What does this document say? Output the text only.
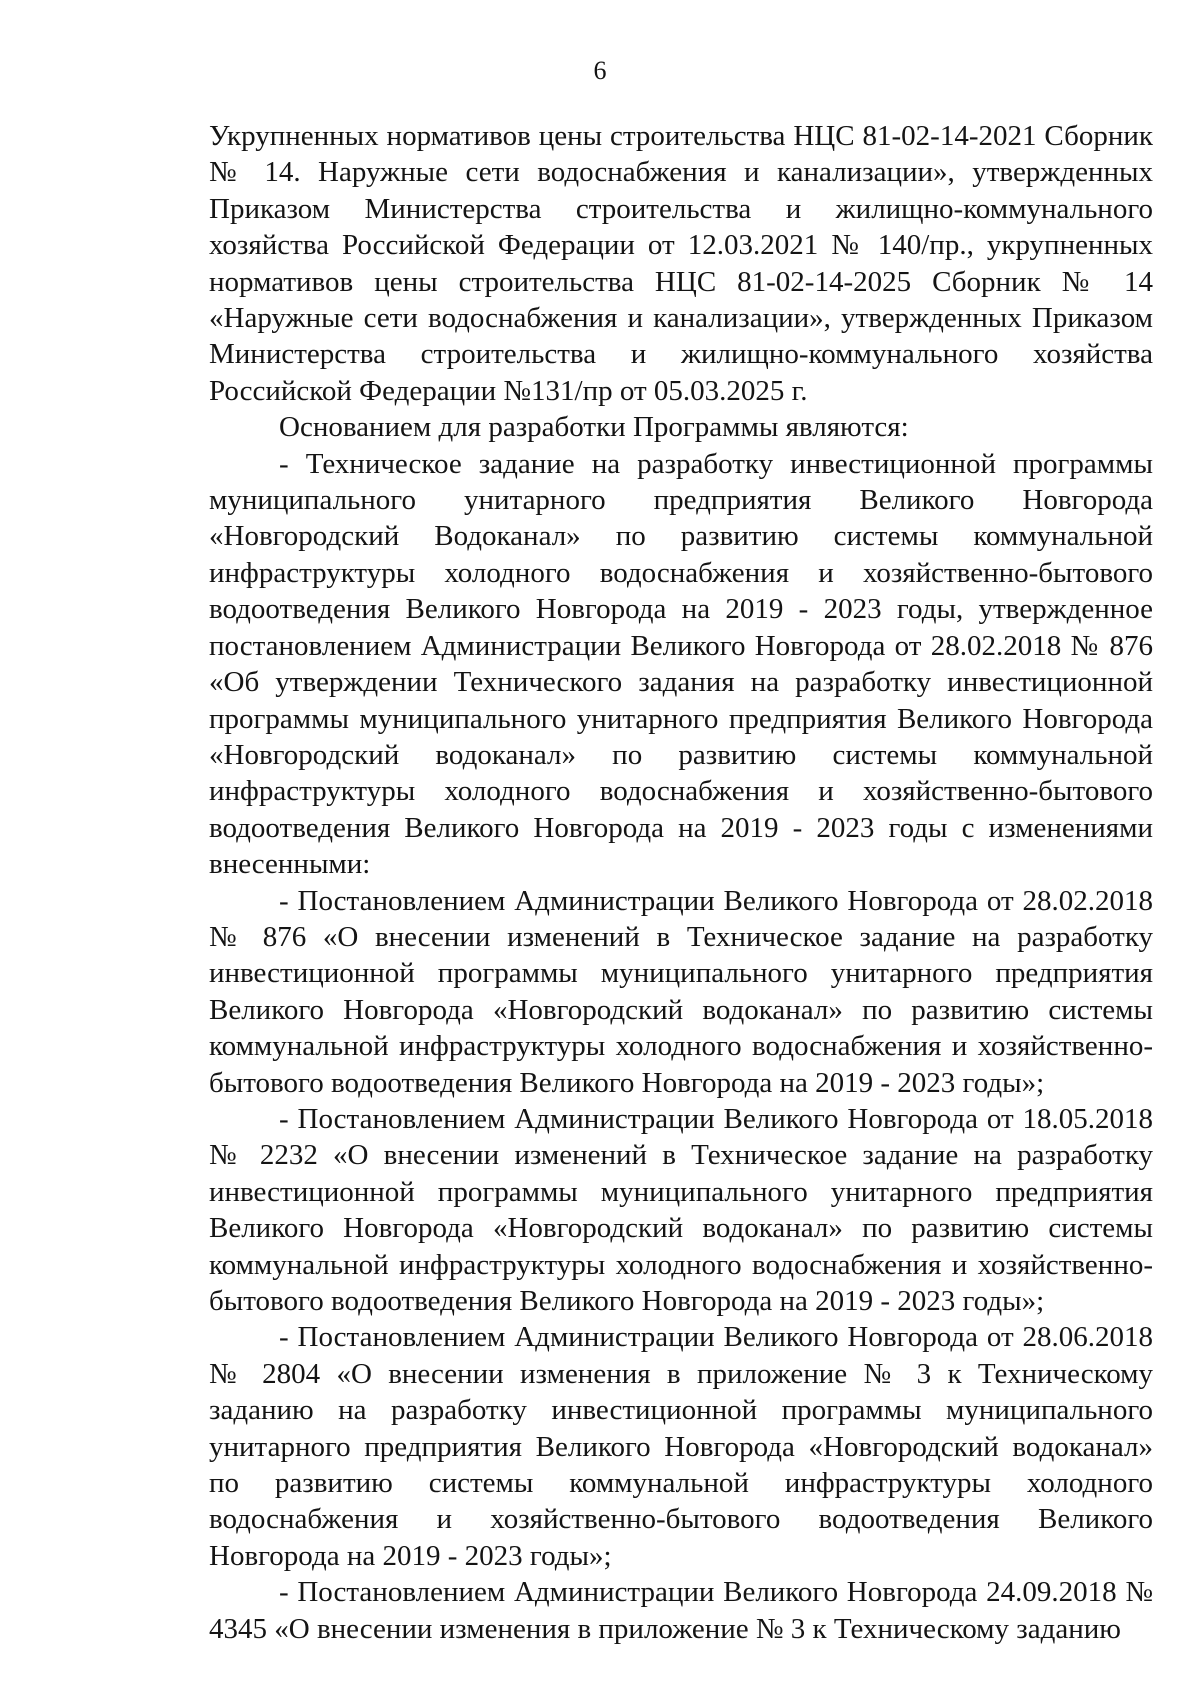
6

Укрупненных нормативов цены строительства НЦС 81-02-14-2021 Сборник № 14. Наружные сети водоснабжения и канализации», утвержденных Приказом Министерства строительства и жилищно-коммунального хозяйства Российской Федерации от 12.03.2021 № 140/пр., укрупненных нормативов цены строительства НЦС 81-02-14-2025 Сборник № 14 «Наружные сети водоснабжения и канализации», утвержденных Приказом Министерства строительства и жилищно-коммунального хозяйства Российской Федерации №131/пр от 05.03.2025 г.

Основанием для разработки Программы являются:

- Техническое задание на разработку инвестиционной программы муниципального унитарного предприятия Великого Новгорода «Новгородский Водоканал» по развитию системы коммунальной инфраструктуры холодного водоснабжения и хозяйственно-бытового водоотведения Великого Новгорода на 2019 - 2023 годы, утвержденное постановлением Администрации Великого Новгорода от 28.02.2018 № 876 «Об утверждении Технического задания на разработку инвестиционной программы муниципального унитарного предприятия Великого Новгорода «Новгородский водоканал» по развитию системы коммунальной инфраструктуры холодного водоснабжения и хозяйственно-бытового водоотведения Великого Новгорода на 2019 - 2023 годы с изменениями внесенными:

- Постановлением Администрации Великого Новгорода от 28.02.2018 № 876 «О внесении изменений в Техническое задание на разработку инвестиционной программы муниципального унитарного предприятия Великого Новгорода «Новгородский водоканал» по развитию системы коммунальной инфраструктуры холодного водоснабжения и хозяйственно-бытового водоотведения Великого Новгорода на 2019 - 2023 годы»;

- Постановлением Администрации Великого Новгорода от 18.05.2018 № 2232 «О внесении изменений в Техническое задание на разработку инвестиционной программы муниципального унитарного предприятия Великого Новгорода «Новгородский водоканал» по развитию системы коммунальной инфраструктуры холодного водоснабжения и хозяйственно-бытового водоотведения Великого Новгорода на 2019 - 2023 годы»;

- Постановлением Администрации Великого Новгорода от 28.06.2018 № 2804 «О внесении изменения в приложение № 3 к Техническому заданию на разработку инвестиционной программы муниципального унитарного предприятия Великого Новгорода «Новгородский водоканал» по развитию системы коммунальной инфраструктуры холодного водоснабжения и хозяйственно-бытового водоотведения Великого Новгорода на 2019 - 2023 годы»;

- Постановлением Администрации Великого Новгорода 24.09.2018 № 4345 «О внесении изменения в приложение № 3 к Техническому заданию
